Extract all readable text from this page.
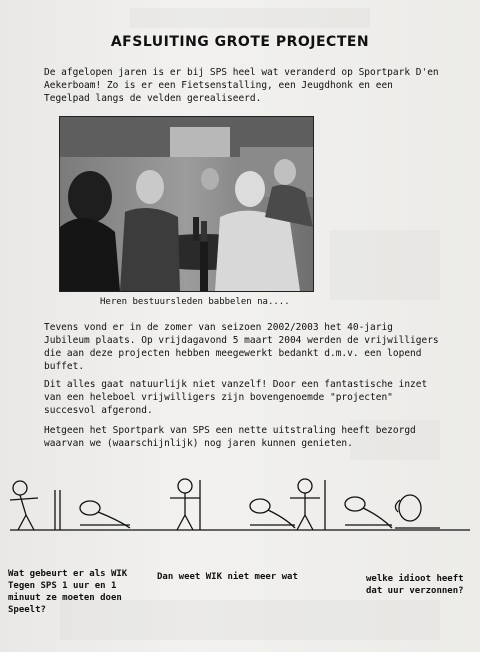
AFSLUITING GROTE PROJECTEN
De afgelopen jaren is er bij SPS heel wat veranderd op Sportpark D'en Aekerboam! Zo is er een Fietsenstalling, een Jeugdhonk en een Tegelpad langs de velden gerealiseerd.
Heren bestuursleden babbelen na....
Tevens vond er in de zomer van seizoen 2002/2003 het 40-jarig Jubileum plaats. Op vrijdagavond 5 maart 2004 werden de vrijwilligers die aan deze projecten hebben meegewerkt bedankt d.m.v. een lopend buffet.
Dit alles gaat natuurlijk niet vanzelf! Door een fantastische inzet van een heleboel vrijwilligers zijn bovengenoemde "projecten" succesvol afgerond.
Hetgeen het Sportpark van SPS een nette uitstraling heeft bezorgd waarvan we (waarschijnlijk) nog jaren kunnen genieten.
Wat gebeurt er als WIK Tegen SPS 1 uur en 1 minuut ze moeten doen Speelt?
Dan weet WIK niet meer wat	welke idioot heeft dat uur verzonnen?
